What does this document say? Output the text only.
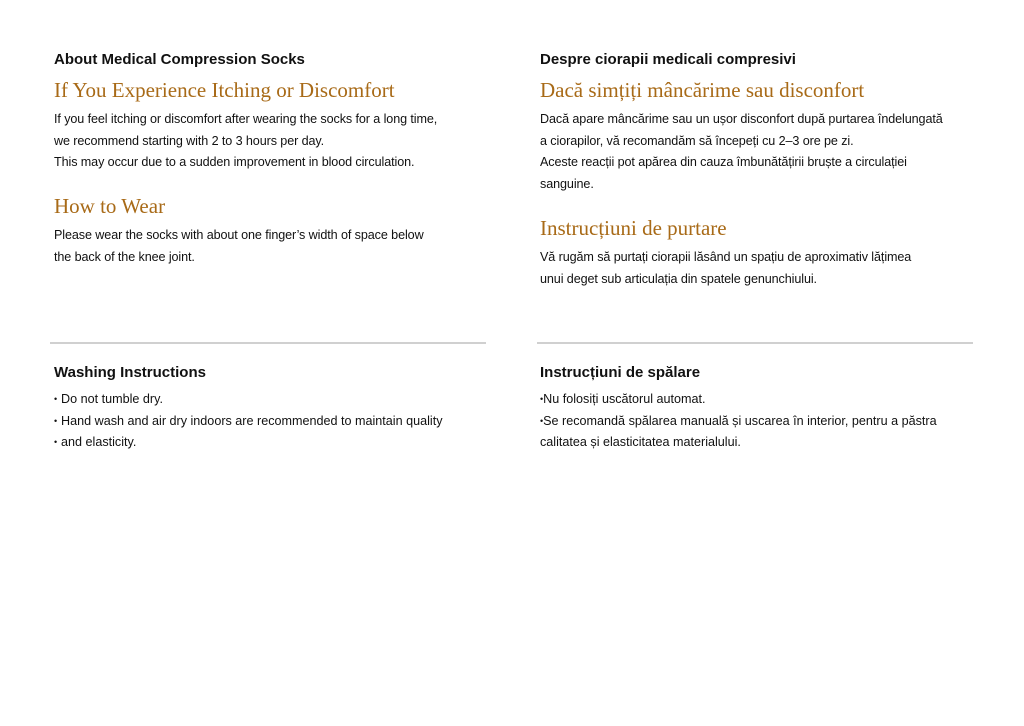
About Medical Compression Socks
If You Experience Itching or Discomfort

If you feel itching or discomfort after wearing the socks for a long time,
we recommend starting with 2 to 3 hours per day.
This may occur due to a sudden improvement in blood circulation.

How to Wear

Please wear the socks with about one finger’s width of space below
the back of the knee joint.

Washing Instructions
• Do not tumble dry.
• Hand wash and air dry indoors are recommended to maintain quality
• and elasticity.
Despre ciorapii medicali compresivi
Dacă simțiți mâncărime sau disconfort

Dacă apare mâncărime sau un ușor disconfort după purtarea îndelungată
a ciorapilor, vă recomandăm să începeți cu 2–3 ore pe zi.
Aceste reacții pot apărea din cauza îmbunătățirii bruște a circulației
sanguine.

Instrucțiuni de purtare

Vă rugăm să purtați ciorapii lăsând un spațiu de aproximativ lățimea
unui deget sub articulația din spatele genunchiului.

Instrucțiuni de spălare
•Nu folosiți uscătorul automat.
•Se recomandă spălarea manuală și uscarea în interior, pentru a păstra
calitatea și elasticitatea materialului.
